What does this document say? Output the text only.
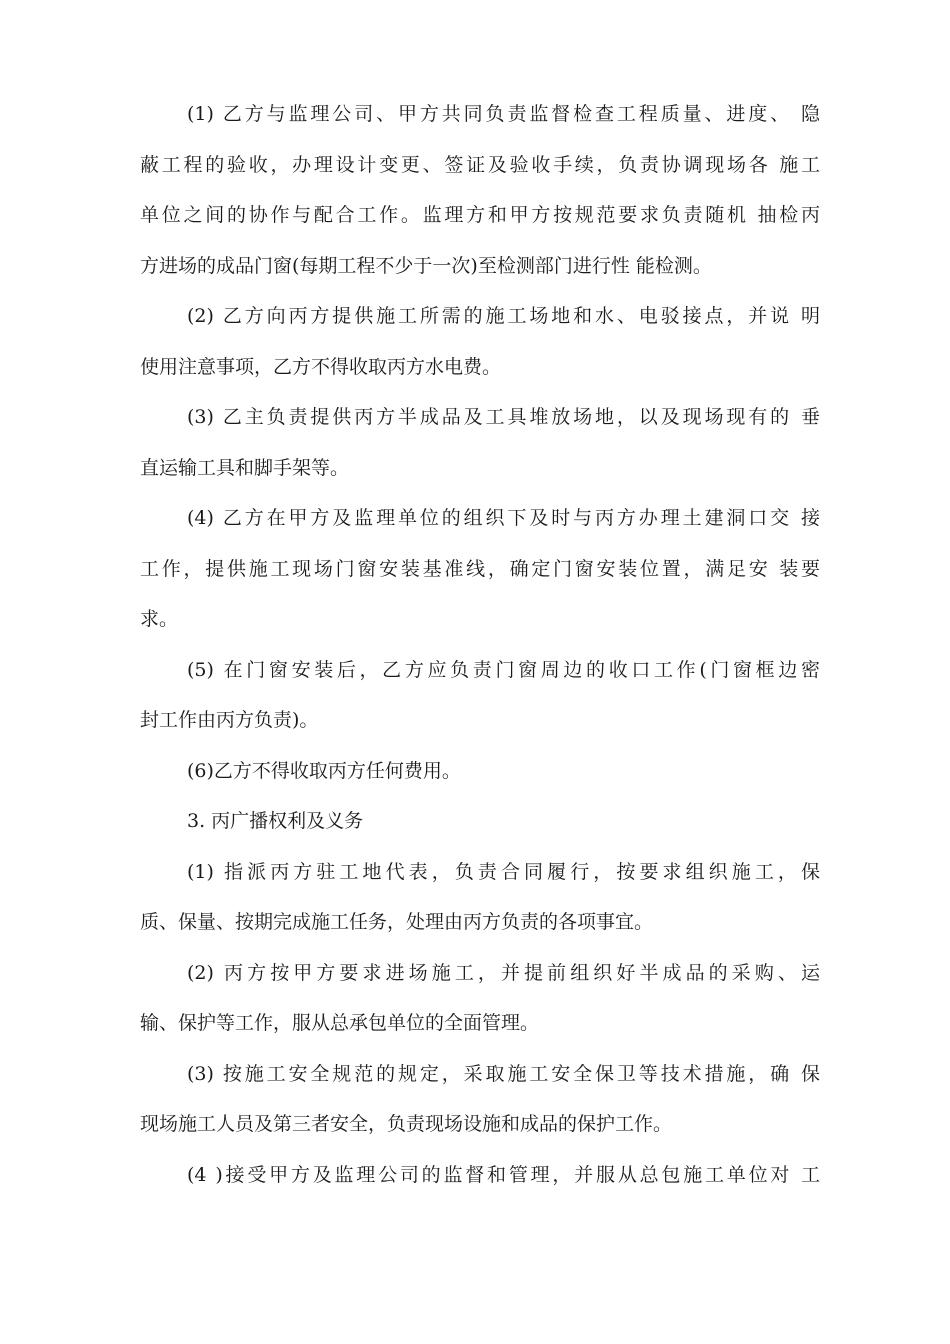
(1) 乙方与监理公司、甲方共同负责监督检查工程质量、进度、 隐
蔽工程的验收，办理设计变更、签证及验收手续，负责协调现场各 施工
单位之间的协作与配合工作。监理方和甲方按规范要求负责随机 抽检丙
方进场的成品门窗(每期工程不少于一次)至检测部门进行性 能检测。
(2) 乙方向丙方提供施工所需的施工场地和水、电驳接点，并说 明
使用注意事项，乙方不得收取丙方水电费。
(3) 乙主负责提供丙方半成品及工具堆放场地，以及现场现有的 垂
直运输工具和脚手架等。
(4) 乙方在甲方及监理单位的组织下及时与丙方办理土建洞口交 接
工作，提供施工现场门窗安装基准线，确定门窗安装位置，满足安 装要
求。
(5) 在门窗安装后，乙方应负责门窗周边的收口工作(门窗框边密
封工作由丙方负责)。
(6)乙方不得收取丙方任何费用。
3. 丙广播权利及义务
(1) 指派丙方驻工地代表，负责合同履行，按要求组织施工，保
质、保量、按期完成施工任务，处理由丙方负责的各项事宜。
(2) 丙方按甲方要求进场施工，并提前组织好半成品的采购、运
输、保护等工作，服从总承包单位的全面管理。
(3) 按施工安全规范的规定，采取施工安全保卫等技术措施，确 保
现场施工人员及第三者安全，负责现场设施和成品的保护工作。
(4 )接受甲方及监理公司的监督和管理，并服从总包施工单位对 工
